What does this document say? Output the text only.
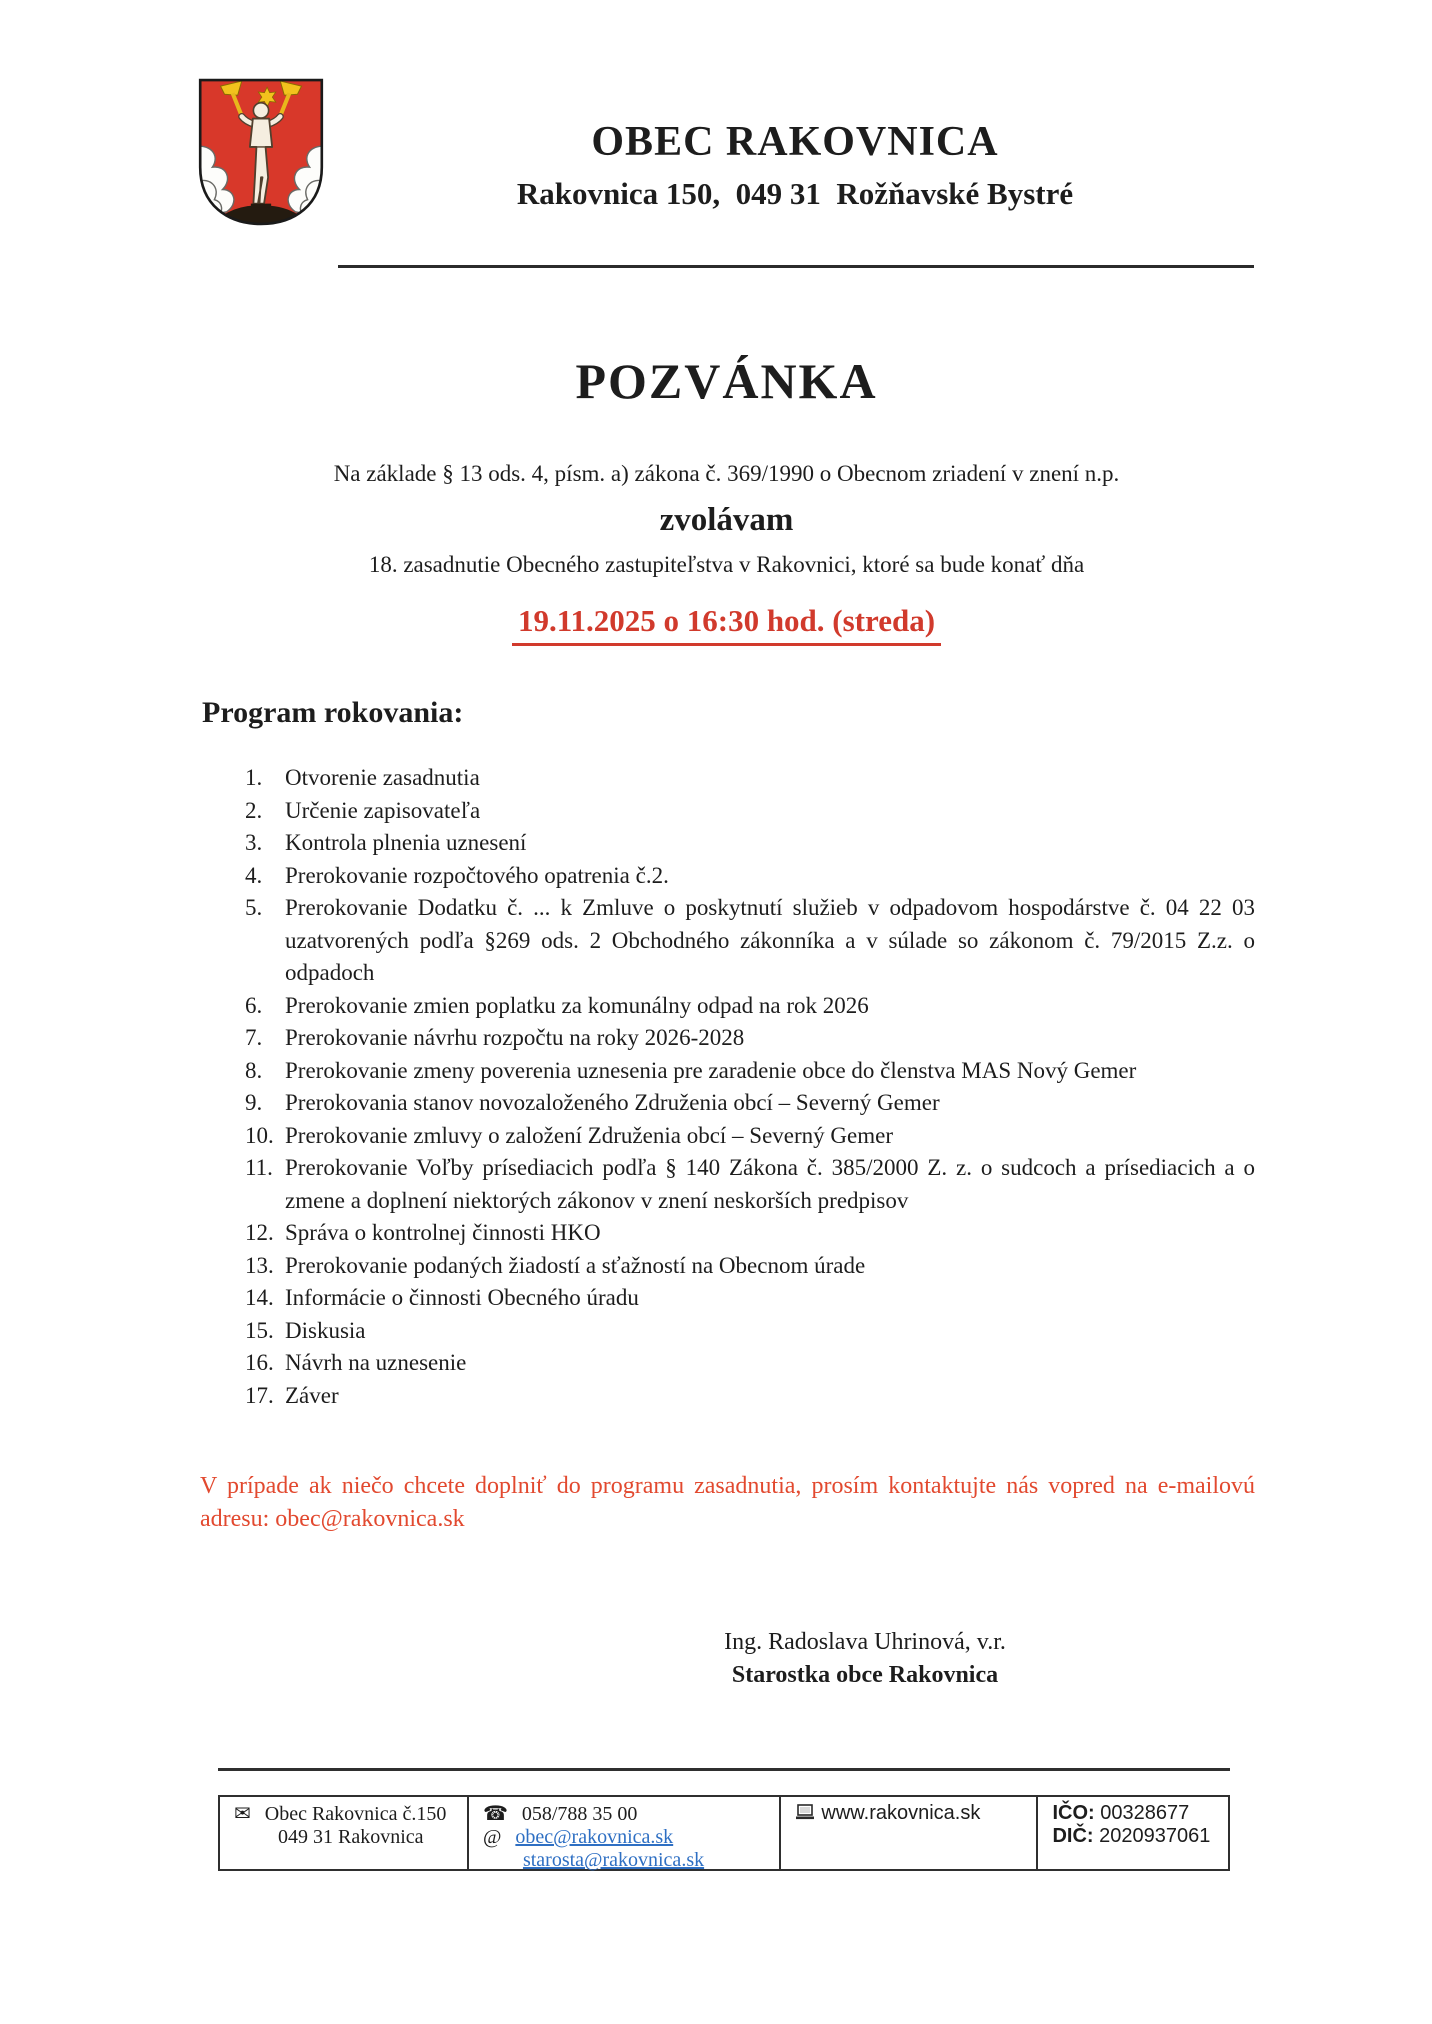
OBEC RAKOVNICA
Rakovnica 150,  049 31  Rožňavské Bystré
POZVÁNKA
Na základe § 13 ods. 4, písm. a) zákona č. 369/1990 o Obecnom zriadení v znení n.p.
zvolávam
18. zasadnutie Obecného zastupiteľstva v Rakovnici, ktoré sa bude konať dňa
19.11.2025 o 16:30 hod. (streda)
Program rokovania:
1. Otvorenie zasadnutia
2. Určenie zapisovateľa
3. Kontrola plnenia uznesení
4. Prerokovanie rozpočtového opatrenia č.2.
5. Prerokovanie Dodatku č. ... k Zmluve o poskytnutí služieb v odpadovom hospodárstve č. 04 22 03 uzatvorených podľa §269 ods. 2 Obchodného zákonníka a v súlade so zákonom č. 79/2015 Z.z. o odpadoch
6. Prerokovanie zmien poplatku za komunálny odpad na rok 2026
7. Prerokovanie návrhu rozpočtu na roky 2026-2028
8. Prerokovanie zmeny poverenia uznesenia pre zaradenie obce do členstva MAS Nový Gemer
9. Prerokovania stanov novozaloženého Združenia obcí – Severný Gemer
10. Prerokovanie zmluvy o založení Združenia obcí – Severný Gemer
11. Prerokovanie Voľby prísediacich podľa § 140 Zákona č. 385/2000 Z. z. o sudcoch a prísediacich a o zmene a doplnení niektorých zákonov v znení neskorších predpisov
12. Správa o kontrolnej činnosti HKO
13. Prerokovanie podaných žiadostí a sťažností na Obecnom úrade
14. Informácie o činnosti Obecného úradu
15. Diskusia
16. Návrh na uznesenie
17. Záver
V prípade ak niečo chcete doplniť do programu zasadnutia, prosím kontaktujte nás vopred na e-mailovú adresu: obec@rakovnica.sk
Ing. Radoslava Uhrinová, v.r.
Starostka obce Rakovnica
✉ Obec Rakovnica č.150
049 31 Rakovnica
☎ 058/788 35 00
@ obec@rakovnica.sk
starosta@rakovnica.sk
www.rakovnica.sk	IČO: 00328677
DIČ: 2020937061
